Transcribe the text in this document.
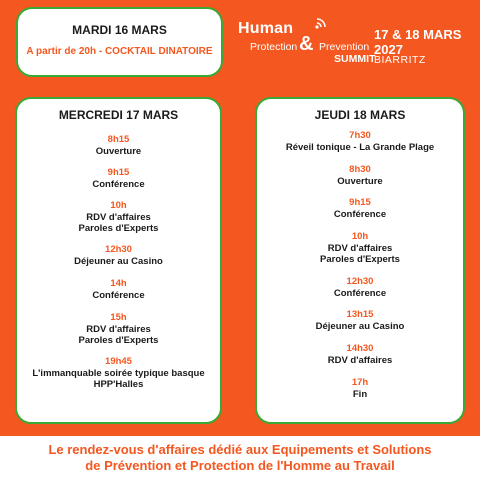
MARDI 16 MARS
A partir de 20h - COCKTAIL DINATOIRE
Human
Protection & Prevention
SUMMIT
17 & 18 MARS
2027
BIARRITZ
MERCREDI 17 MARS
8h15
Ouverture
9h15
Conférence
10h
RDV d'affaires
Paroles d'Experts
12h30
Déjeuner au Casino
14h
Conférence
15h
RDV d'affaires
Paroles d'Experts
19h45
L'immanquable soirée typique basque
HPP'Halles
JEUDI 18 MARS
7h30
Réveil tonique - La Grande Plage
8h30
Ouverture
9h15
Conférence
10h
RDV d'affaires
Paroles d'Experts
12h30
Conférence
13h15
Déjeuner au Casino
14h30
RDV d'affaires
17h
Fin
Le rendez-vous d'affaires dédié aux Equipements et Solutions
de Prévention et Protection de l'Homme au Travail
